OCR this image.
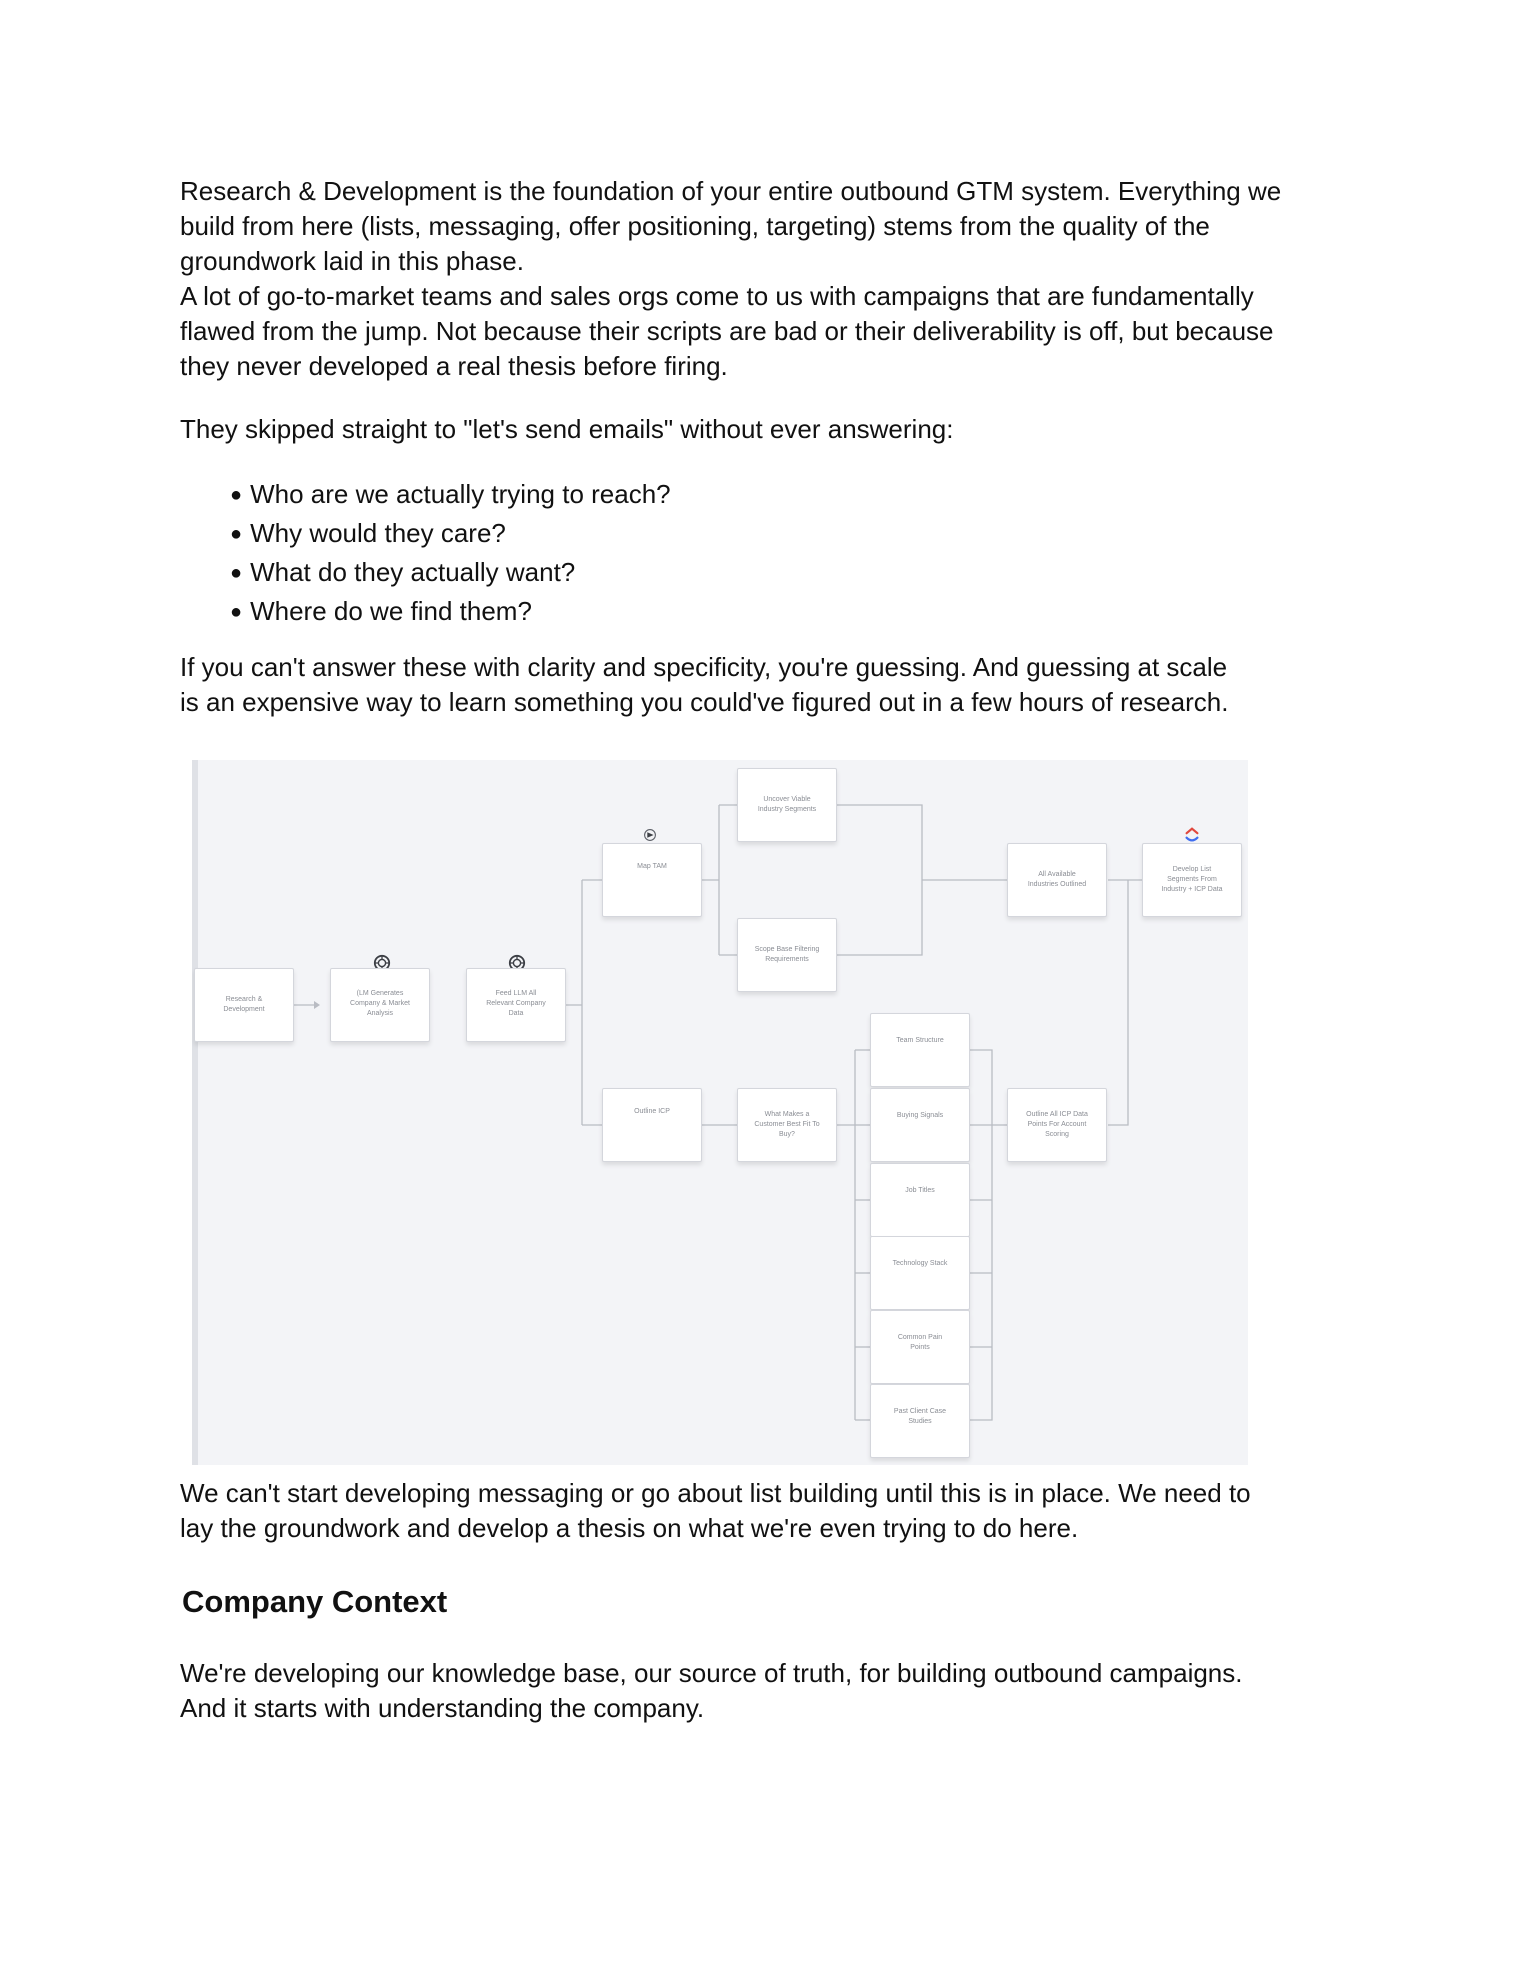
Research & Development is the foundation of your entire outbound GTM system. Everything we

build from here (lists, messaging, offer positioning, targeting) stems from the quality of the

groundwork laid in this phase.

A lot of go-to-market teams and sales orgs come to us with campaigns that are fundamentally

flawed from the jump. Not because their scripts are bad or their deliverability is off, but because

they never developed a real thesis before firing.

They skipped straight to "let's send emails" without ever answering:

● Who are we actually trying to reach?
● Why would they care?
● What do they actually want?
● Where do we find them?

If you can't answer these with clarity and specificity, you're guessing. And guessing at scale

is an expensive way to learn something you could've figured out in a few hours of research.

Research &
Development
(LM Generates
Company & Market
Analysis
Feed LLM All
Relevant Company
Data
Map TAM
Uncover Viable
Industry Segments
Scope Base Filtering
Requirements
All Available
Industries Outlined
Develop List
Segments From
Industry + ICP Data
Outline ICP	What Makes a
Customer Best Fit To
Buy?
Team Structure
Buying Signals
Job Titles
Technology Stack
Common Pain
Points
Past Client Case
Studies
Outline All ICP Data
Points For Account
Scoring

We can't start developing messaging or go about list building until this is in place. We need to

lay the groundwork and develop a thesis on what we're even trying to do here.

Company Context

We're developing our knowledge base, our source of truth, for building outbound campaigns.

And it starts with understanding the company.
